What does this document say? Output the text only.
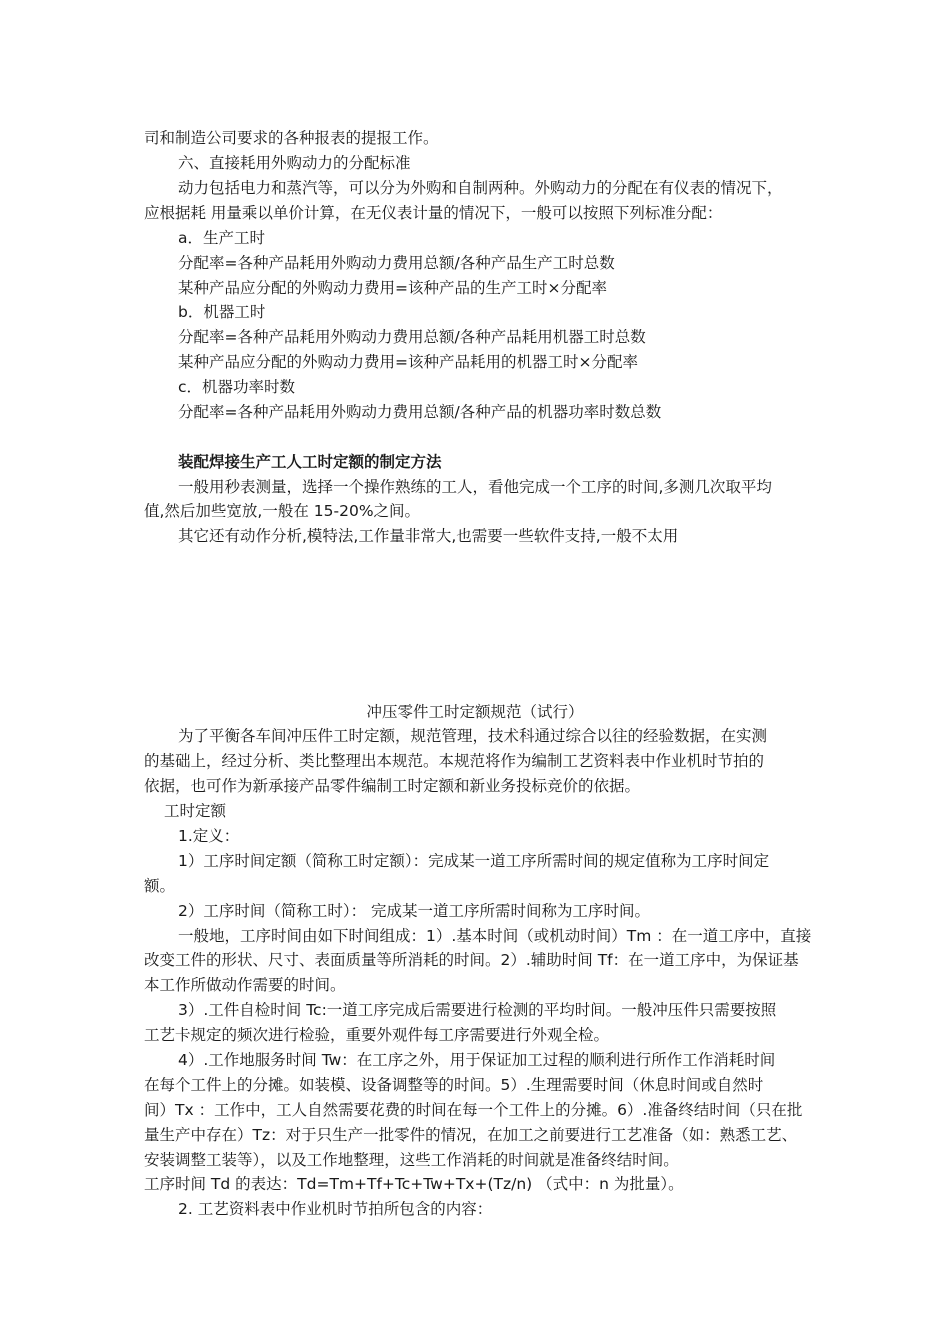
司和制造公司要求的各种报表的提报工作。
六、直接耗用外购动力的分配标准
动力包括电力和蒸汽等，可以分为外购和自制两种。外购动力的分配在有仪表的情况下，
应根据耗 用量乘以单价计算，在无仪表计量的情况下，一般可以按照下列标准分配：
a．生产工时
分配率=各种产品耗用外购动力费用总额/各种产品生产工时总数
某种产品应分配的外购动力费用=该种产品的生产工时×分配率
b．机器工时
分配率=各种产品耗用外购动力费用总额/各种产品耗用机器工时总数
某种产品应分配的外购动力费用=该种产品耗用的机器工时×分配率
c．机器功率时数
分配率=各种产品耗用外购动力费用总额/各种产品的机器功率时数总数
装配焊接生产工人工时定额的制定方法
一般用秒表测量，选择一个操作熟练的工人，看他完成一个工序的时间,多测几次取平均
值,然后加些宽放,一般在 15-20%之间。
其它还有动作分析,模特法,工作量非常大,也需要一些软件支持,一般不太用
冲压零件工时定额规范（试行）
为了平衡各车间冲压件工时定额，规范管理，技术科通过综合以往的经验数据，在实测
的基础上，经过分析、类比整理出本规范。本规范将作为编制工艺资料表中作业机时节拍的
依据，也可作为新承接产品零件编制工时定额和新业务投标竞价的依据。
工时定额
1.定义：
1）工序时间定额（简称工时定额）：完成某一道工序所需时间的规定值称为工序时间定
额。
2）工序时间（简称工时）： 完成某一道工序所需时间称为工序时间。
一般地，工序时间由如下时间组成：1）.基本时间（或机动时间）Tm ：在一道工序中，直接
改变工件的形状、尺寸、表面质量等所消耗的时间。2）.辅助时间 Tf：在一道工序中，为保证基
本工作所做动作需要的时间。
3）.工件自检时间 Tc:一道工序完成后需要进行检测的平均时间。一般冲压件只需要按照
工艺卡规定的频次进行检验，重要外观件每工序需要进行外观全检。
4）.工作地服务时间 Tw：在工序之外，用于保证加工过程的顺利进行所作工作消耗时间
在每个工件上的分摊。如装模、设备调整等的时间。5）.生理需要时间（休息时间或自然时
间）Tx ：工作中，工人自然需要花费的时间在每一个工件上的分摊。6）.准备终结时间（只在批
量生产中存在）Tz：对于只生产一批零件的情况，在加工之前要进行工艺准备（如：熟悉工艺、
安装调整工装等），以及工作地整理，这些工作消耗的时间就是准备终结时间。
工序时间 Td 的表达：Td=Tm+Tf+Tc+Tw+Tx+(Tz/n) （式中：n 为批量）。
2. 工艺资料表中作业机时节拍所包含的内容：
